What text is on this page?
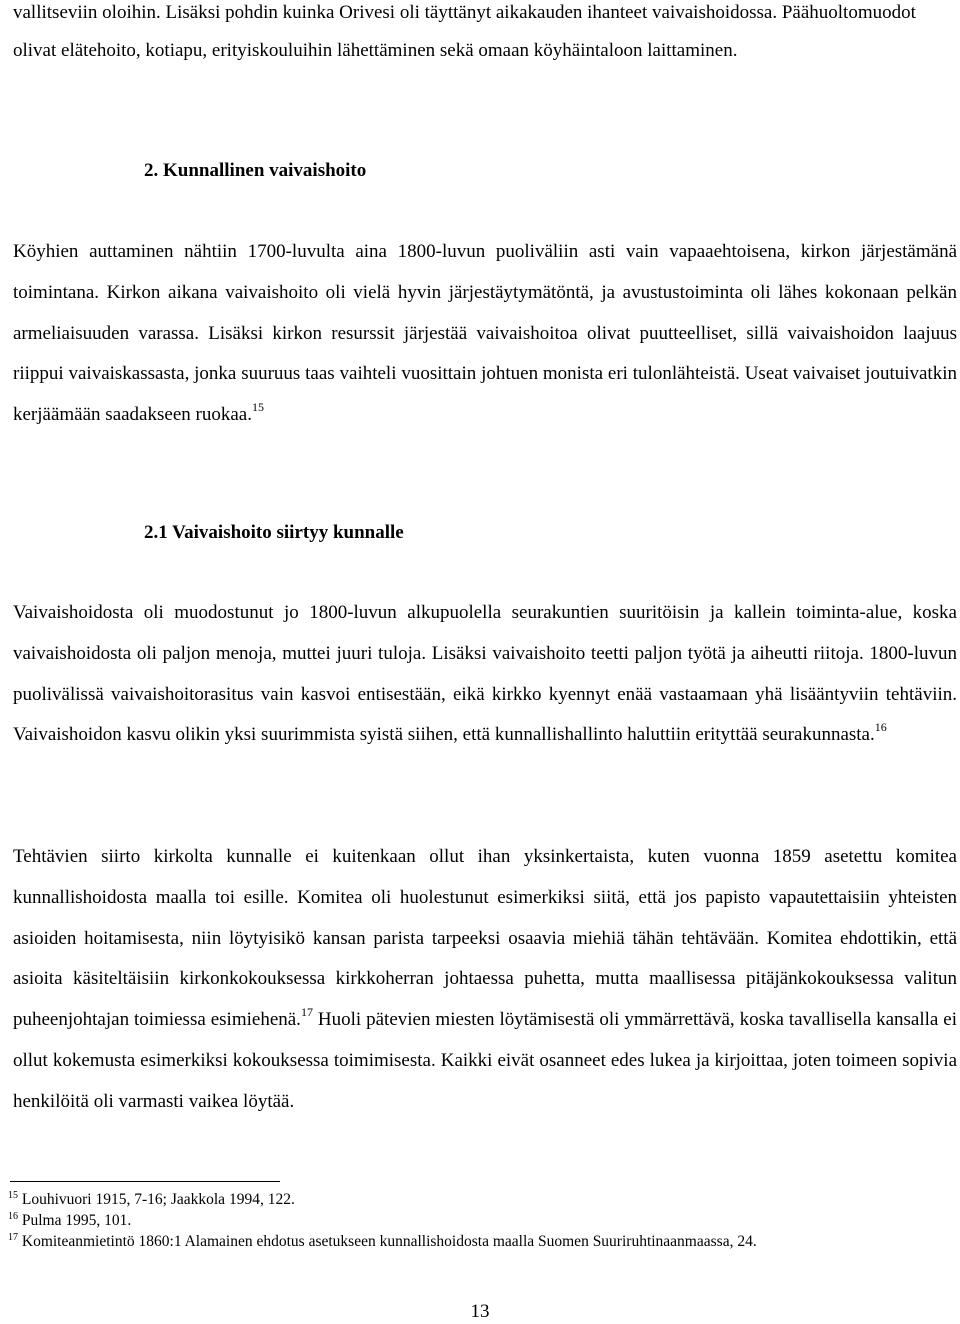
vallitseviin oloihin. Lisäksi pohdin kuinka Orivesi oli täyttänyt aikakauden ihanteet vaivaishoidossa. Päähuoltomuodot olivat elätehoito, kotiapu, erityiskouluihin lähettäminen sekä omaan köyhäintaloon laittaminen.

2. Kunnallinen vaivaishoito

Köyhien auttaminen nähtiin 1700-luvulta aina 1800-luvun puoliväliin asti vain vapaaehtoisena, kirkon järjestämänä toimintana. Kirkon aikana vaivaishoito oli vielä hyvin järjestäytymätöntä, ja avustustoiminta oli lähes kokonaan pelkän armeliaisuuden varassa. Lisäksi kirkon resurssit järjestää vaivaishoitoa olivat puutteelliset, sillä vaivaishoidon laajuus riippui vaivaiskassasta, jonka suuruus taas vaihteli vuosittain johtuen monista eri tulonlähteistä. Useat vaivaiset joutuivatkin kerjäämään saadakseen ruokaa.$^{15}$

2.1 Vaivaishoito siirtyy kunnalle

Vaivaishoidosta oli muodostunut jo 1800-luvun alkupuolella seurakuntien suuritöisin ja kallein toiminta-alue, koska vaivaishoidosta oli paljon menoja, muttei juuri tuloja. Lisäksi vaivaishoito teetti paljon työtä ja aiheutti riitoja. 1800-luvun puolivälissä vaivaishoitorasitus vain kasvoi entisestään, eikä kirkko kyennyt enää vastaamaan yhä lisääntyviin tehtäviin. Vaivaishoidon kasvu olikin yksi suurimmista syistä siihen, että kunnallishallinto haluttiin erityttää seurakunnasta.$^{16}$

Tehtävien siirto kirkolta kunnalle ei kuitenkaan ollut ihan yksinkertaista, kuten vuonna 1859 asetettu komitea kunnallishoidosta maalla toi esille. Komitea oli huolestunut esimerkiksi siitä, että jos papisto vapautettaisiin yhteisten asioiden hoitamisesta, niin löytyisikö kansan parista tarpeeksi osaavia miehiä tähän tehtävään. Komitea ehdottikin, että asioita käsiteltäisiin kirkonkokouksessa kirkkoherran johtaessa puhetta, mutta maallisessa pitäjänkokouksessa valitun puheenjohtajan toimiessa esimiehenä.$^{17}$ Huoli pätevien miesten löytämisestä oli ymmärrettävä, koska tavallisella kansalla ei ollut kokemusta esimerkiksi kokouksessa toimimisesta. Kaikki eivät osanneet edes lukea ja kirjoittaa, joten toimeen sopivia henkilöitä oli varmasti vaikea löytää.

$^{15}$ Louhivuori 1915, 7-16; Jaakkola 1994, 122.
$^{16}$ Pulma 1995, 101.
$^{17}$ Komiteanmietintö 1860:1 Alamainen ehdotus asetukseen kunnallishoidosta maalla Suomen Suuriruhtinaanmaassa, 24.
13
